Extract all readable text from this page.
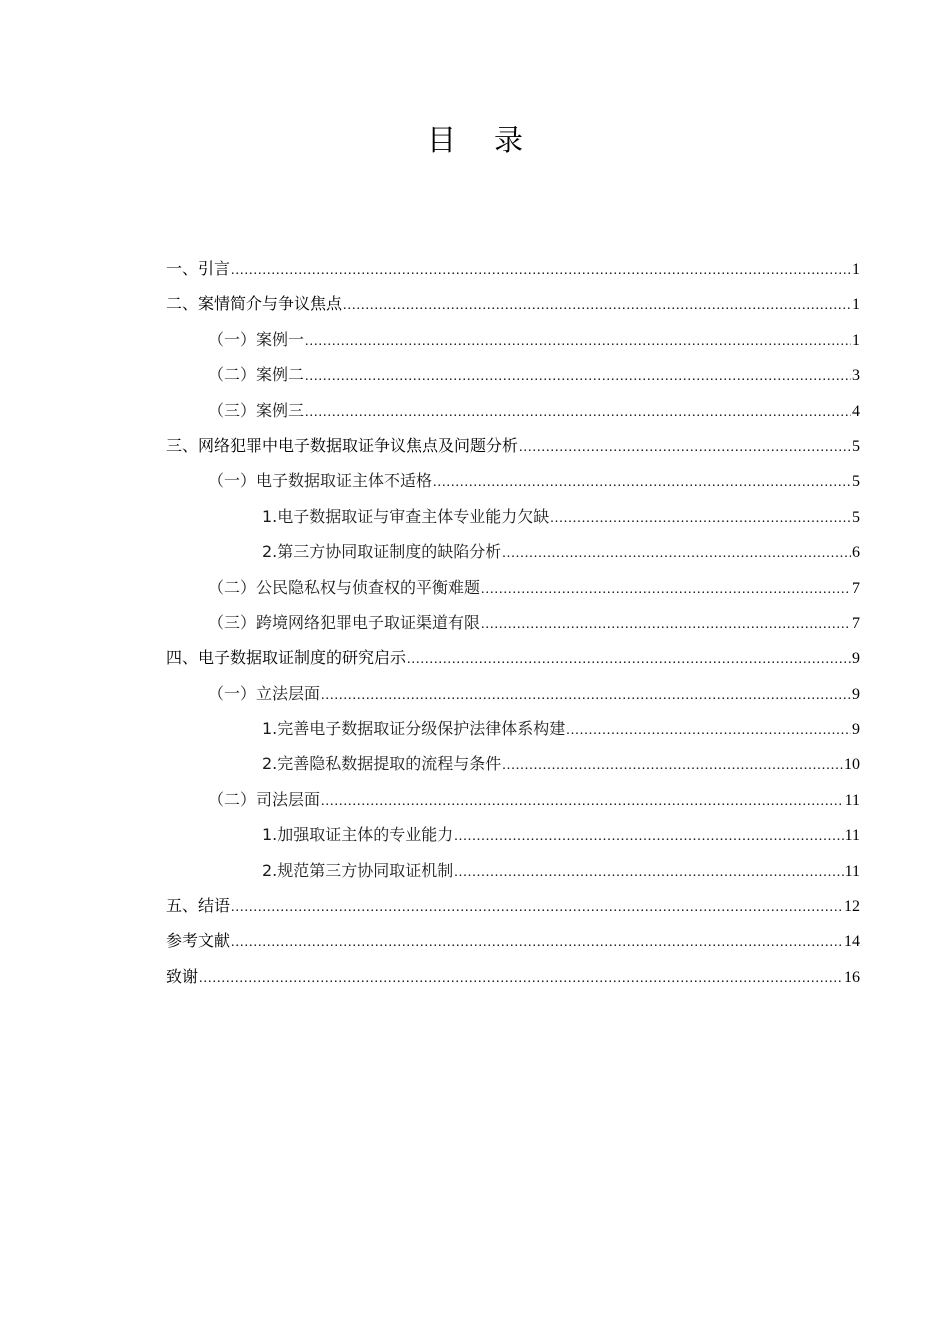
目录
一、引言 .....	1
二、案情简介与争议焦点 .....	1
（一）案例一 .....	1
（二）案例二 .....	3
（三）案例三 .....	4
三、网络犯罪中电子数据取证争议焦点及问题分析 .....	5
（一）电子数据取证主体不适格 .....	5
1.电子数据取证与审查主体专业能力欠缺 .....	5
2.第三方协同取证制度的缺陷分析 .....	6
（二）公民隐私权与侦查权的平衡难题 .....	7
（三）跨境网络犯罪电子取证渠道有限 .....	7
四、电子数据取证制度的研究启示 .....	9
（一）立法层面 .....	9
1.完善电子数据取证分级保护法律体系构建 .....	9
2.完善隐私数据提取的流程与条件 .....	10
（二）司法层面 .....	11
1.加强取证主体的专业能力 .....	11
2.规范第三方协同取证机制 .....	11
五、结语 .....	12
参考文献 .....	14
致谢 .....	16
